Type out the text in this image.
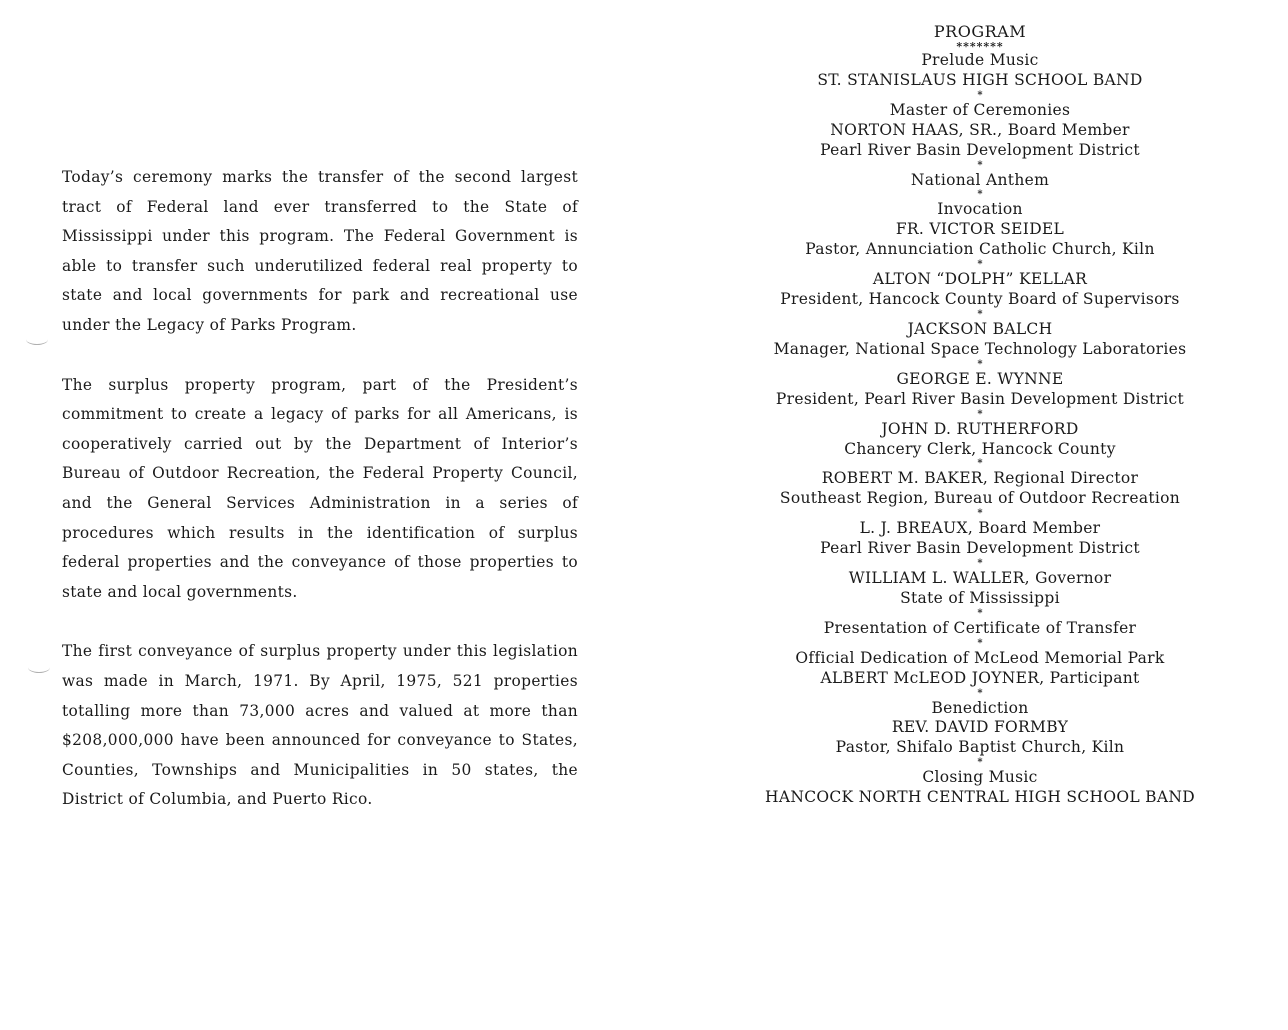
Today’s ceremony marks the transfer of the second largest tract of Federal land ever transferred to the State of Mississippi under this program. The Federal Government is able to transfer such underutilized federal real property to state and local governments for park and recreational use under the Legacy of Parks Program.

The surplus property program, part of the President’s commitment to create a legacy of parks for all Americans, is cooperatively carried out by the Department of Interior’s Bureau of Outdoor Recreation, the Federal Property Council, and the General Services Administration in a series of procedures which results in the identification of surplus federal properties and the conveyance of those properties to state and local governments.

The first conveyance of surplus property under this legislation was made in March, 1971. By April, 1975, 521 properties totalling more than 73,000 acres and valued at more than $208,000,000 have been announced for conveyance to States, Counties, Townships and Municipalities in 50 states, the District of Columbia, and Puerto Rico.

PROGRAM
*******
Prelude Music
ST. STANISLAUS HIGH SCHOOL BAND
*
Master of Ceremonies
NORTON HAAS, SR., Board Member
Pearl River Basin Development District
*
National Anthem
*
Invocation
FR. VICTOR SEIDEL
Pastor, Annunciation Catholic Church, Kiln
*
ALTON “DOLPH” KELLAR
President, Hancock County Board of Supervisors
*
JACKSON BALCH
Manager, National Space Technology Laboratories
*
GEORGE E. WYNNE
President, Pearl River Basin Development District
*
JOHN D. RUTHERFORD
Chancery Clerk, Hancock County
*
ROBERT M. BAKER, Regional Director
Southeast Region, Bureau of Outdoor Recreation
*
L. J. BREAUX, Board Member
Pearl River Basin Development District
*
WILLIAM L. WALLER, Governor
State of Mississippi
*
Presentation of Certificate of Transfer
*
Official Dedication of McLeod Memorial Park
ALBERT McLEOD JOYNER, Participant
*
Benediction
REV. DAVID FORMBY
Pastor, Shifalo Baptist Church, Kiln
*
Closing Music
HANCOCK NORTH CENTRAL HIGH SCHOOL BAND
